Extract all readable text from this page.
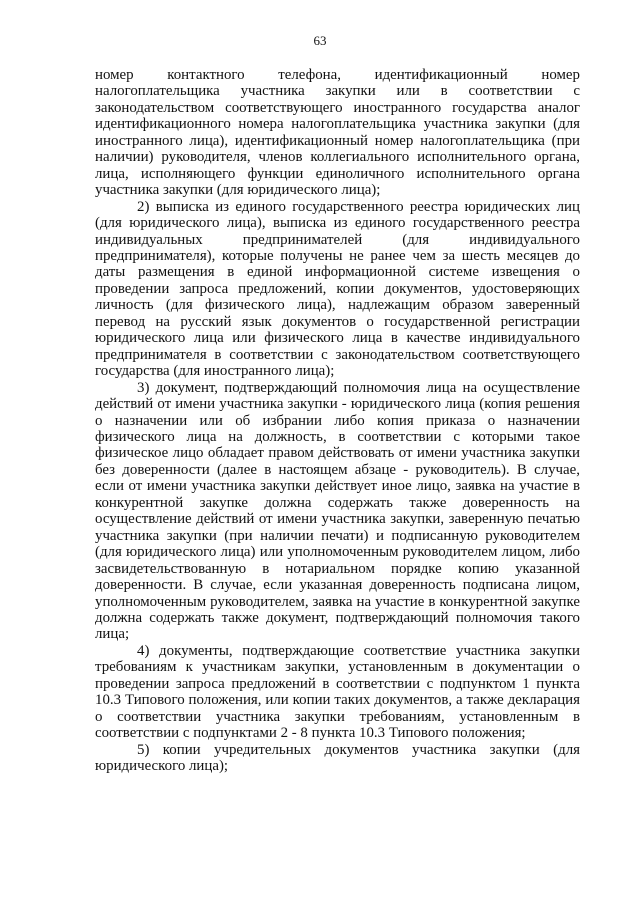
63

номер контактного телефона, идентификационный номер налогоплательщика участника закупки или в соответствии с законодательством соответствующего иностранного государства аналог идентификационного номера налогоплательщика участника закупки (для иностранного лица), идентификационный номер налогоплательщика (при наличии) руководителя, членов коллегиального исполнительного органа, лица, исполняющего функции единоличного исполнительного органа участника закупки (для юридического лица);

2) выписка из единого государственного реестра юридических лиц (для юридического лица), выписка из единого государственного реестра индивидуальных предпринимателей (для индивидуального предпринимателя), которые получены не ранее чем за шесть месяцев до даты размещения в единой информационной системе извещения о проведении запроса предложений, копии документов, удостоверяющих личность (для физического лица), надлежащим образом заверенный перевод на русский язык документов о государственной регистрации юридического лица или физического лица в качестве индивидуального предпринимателя в соответствии с законодательством соответствующего государства (для иностранного лица);

3) документ, подтверждающий полномочия лица на осуществление действий от имени участника закупки - юридического лица (копия решения о назначении или об избрании либо копия приказа о назначении физического лица на должность, в соответствии с которыми такое физическое лицо обладает правом действовать от имени участника закупки без доверенности (далее в настоящем абзаце - руководитель). В случае, если от имени участника закупки действует иное лицо, заявка на участие в конкурентной закупке должна содержать также доверенность на осуществление действий от имени участника закупки, заверенную печатью участника закупки (при наличии печати) и подписанную руководителем (для юридического лица) или уполномоченным руководителем лицом, либо засвидетельствованную в нотариальном порядке копию указанной доверенности. В случае, если указанная доверенность подписана лицом, уполномоченным руководителем, заявка на участие в конкурентной закупке должна содержать также документ, подтверждающий полномочия такого лица;

4) документы, подтверждающие соответствие участника закупки требованиям к участникам закупки, установленным в документации о проведении запроса предложений в соответствии с подпунктом 1 пункта 10.3 Типового положения, или копии таких документов, а также декларация о соответствии участника закупки требованиям, установленным в соответствии с подпунктами 2 - 8 пункта 10.3 Типового положения;

5) копии учредительных документов участника закупки (для юридического лица);
